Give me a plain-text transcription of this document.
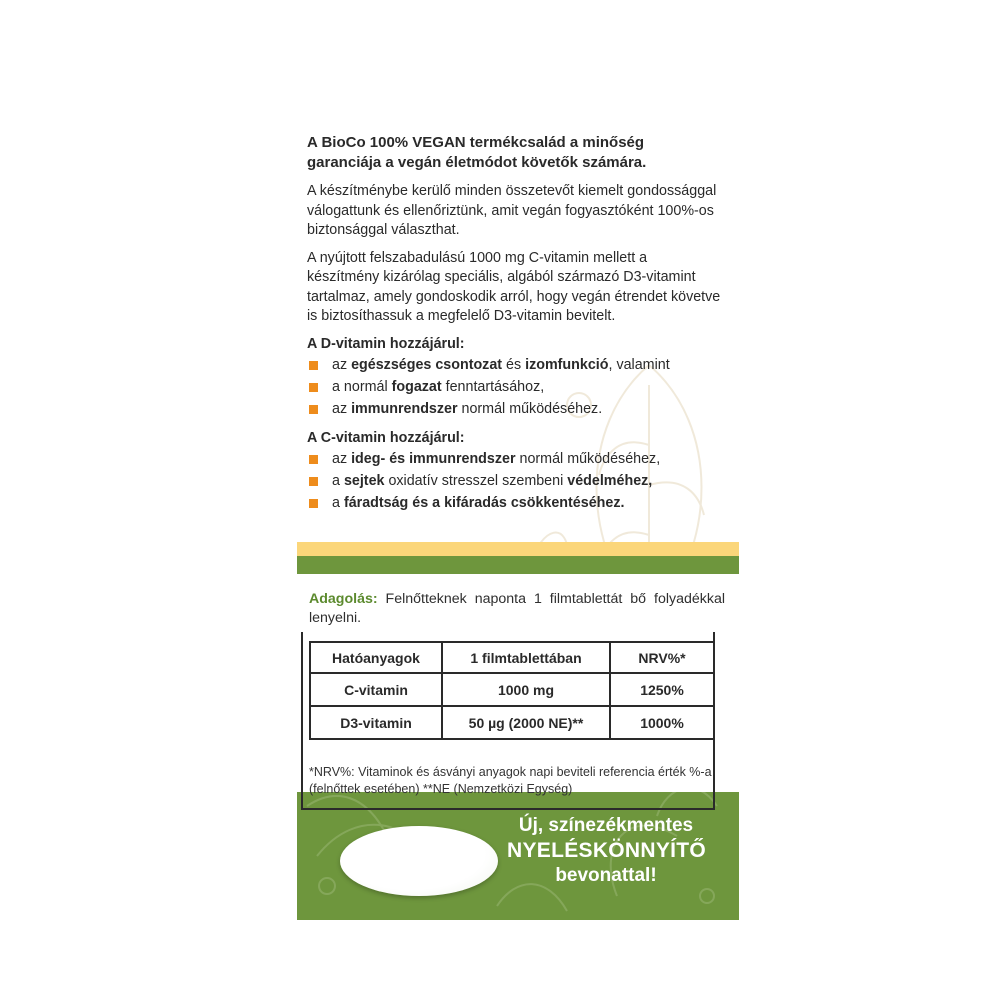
A BioCo 100% VEGAN termékcsalád a minőség garanciája a vegán életmódot követők számára.

A készítménybe kerülő minden összetevőt kiemelt gondossággal válogattunk és ellenőriztünk, amit vegán fogyasztóként 100%-os biztonsággal választhat.

A nyújtott felszabadulású 1000 mg C-vitamin mellett a készítmény kizárólag speciális, algából származó D3-vitamint tartalmaz, amely gondoskodik arról, hogy vegán étrendet követve is biztosíthassuk a megfelelő D3-vitamin bevitelt.

A D-vitamin hozzájárul:
az egészséges csontozat és izomfunkció, valamint
a normál fogazat fenntartásához,
az immunrendszer normál működéséhez.
A C-vitamin hozzájárul:
az ideg- és immunrendszer normál működéséhez,
a sejtek oxidatív stresszel szembeni védelméhez,
a fáradtság és a kifáradás csökkentéséhez.
Adagolás: Felnőtteknek naponta 1 filmtablettát bő folyadékkal lenyelni.
Hatóanyagok	1 filmtablettában	NRV%*
C-vitamin	1000 mg	1250%
D3-vitamin	50 µg (2000 NE)**	1000%
*NRV%: Vitaminok és ásványi anyagok napi beviteli referencia érték %-a (felnőttek esetében) **NE (Nemzetközi Egység)
Új, színezékmentes
NYELÉSKÖNNYÍTŐ
bevonattal!
